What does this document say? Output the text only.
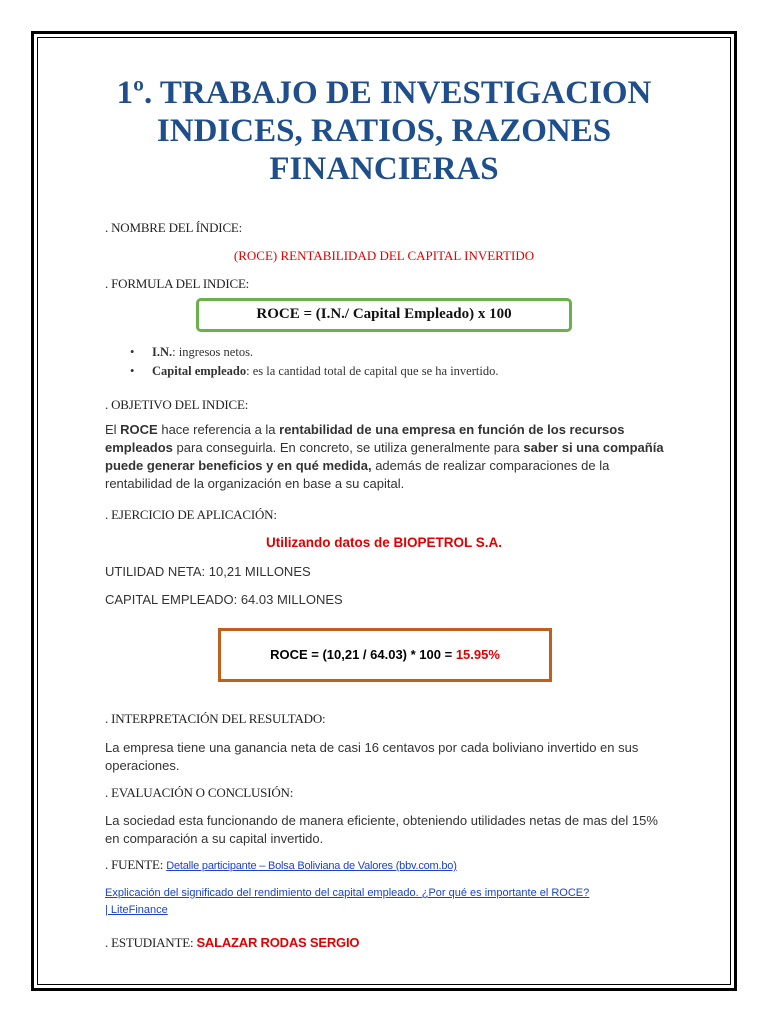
1º. TRABAJO DE INVESTIGACION
INDICES, RATIOS, RAZONES
FINANCIERAS
. NOMBRE DEL ÍNDICE:
(ROCE) RENTABILIDAD DEL CAPITAL INVERTIDO
. FORMULA DEL INDICE:
ROCE = (I.N./ Capital Empleado) x 100
• I.N.: ingresos netos.
• Capital empleado: es la cantidad total de capital que se ha invertido.
. OBJETIVO DEL INDICE:
El ROCE hace referencia a la rentabilidad de una empresa en función de los recursos empleados para conseguirla. En concreto, se utiliza generalmente para saber si una compañía puede generar beneficios y en qué medida, además de realizar comparaciones de la rentabilidad de la organización en base a su capital.
. EJERCICIO DE APLICACIÓN:
Utilizando datos de BIOPETROL S.A.
UTILIDAD NETA: 10,21 MILLONES
CAPITAL EMPLEADO: 64.03 MILLONES
ROCE = (10,21 / 64.03) * 100 = 15.95%
. INTERPRETACIÓN DEL RESULTADO:
La empresa tiene una ganancia neta de casi 16 centavos por cada boliviano invertido en sus operaciones.
. EVALUACIÓN O CONCLUSIÓN:
La sociedad esta funcionando de manera eficiente, obteniendo utilidades netas de mas del 15% en comparación a su capital invertido.
. FUENTE: Detalle participante – Bolsa Boliviana de Valores (bbv.com.bo)
Explicación del significado del rendimiento del capital empleado. ¿Por qué es importante el ROCE?
| LiteFinance
. ESTUDIANTE: SALAZAR RODAS SERGIO
